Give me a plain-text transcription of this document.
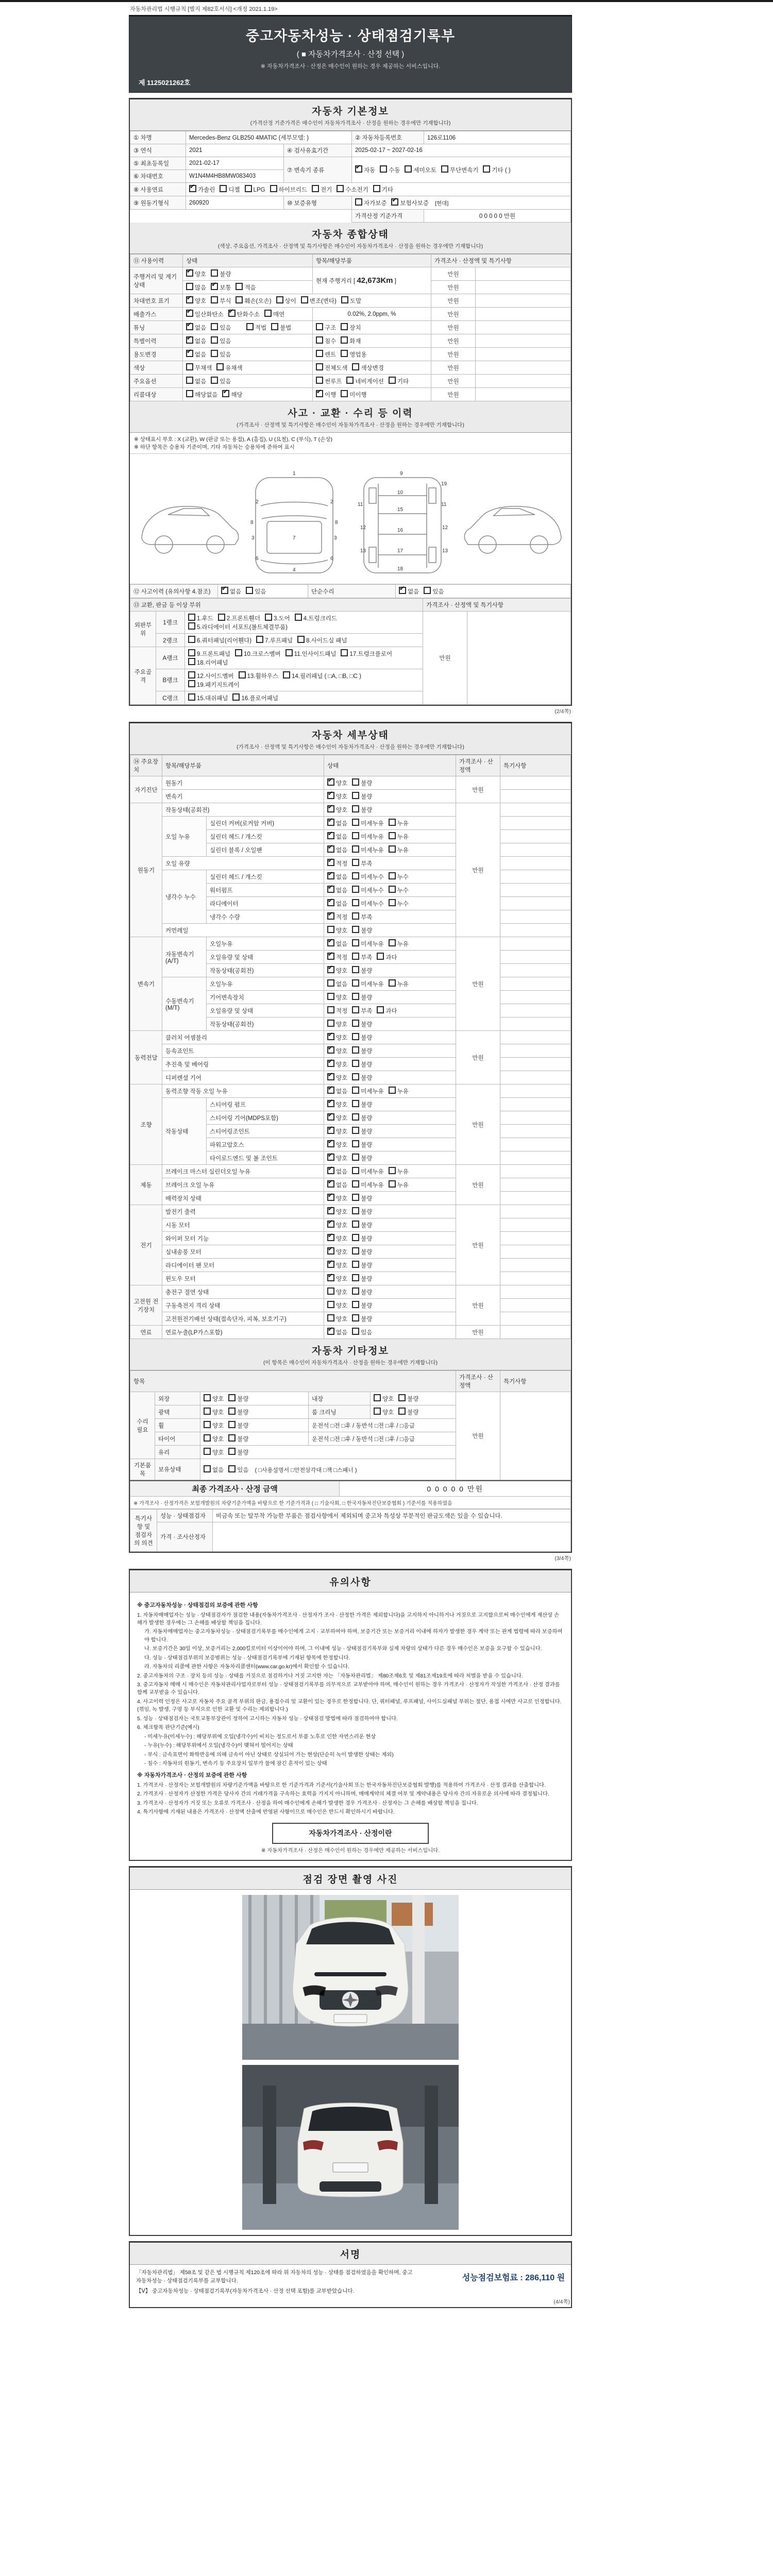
자동차관리법 시행규칙 [별지 제82호서식] <개정 2021.1.19>
중고자동차성능 · 상태점검기록부
( ■ 자동차가격조사 · 산정 선택 )
※ 자동차가격조사 · 산정은 매수인이 원하는 경우 제공하는 서비스입니다.
제 1125021262호
자동차 기본정보
(가격산정 기준가격은 매수인이 자동차가격조사 · 산정을 원하는 경우에만 기재합니다)
① 차명	Mercedes-Benz GLB250 4MATIC (세부모델: )		② 자동차등록번호	126로1106
③ 연식	2021	④ 검사유효기간	2025-02-17 ~ 2027-02-16	
⑤ 최초등록일	2021-02-17	⑦ 변속기 종류	✔자동 수동 세미오토 무단변속기 기타 ( )
⑥ 차대번호	W1N4M4HB8MW083403			
⑧ 사용연료	✔가솔린 디젤 LPG 하이브리드 전기 수소전기 기타
⑨ 원동기형식	260920	⑩ 보증유형	자가보증 ✔ 보험사보증 [현대]
			가격산정 기준가격	0 0 0 0 0 만원
자동차 종합상태
(색상, 주요옵션, 가격조사 · 산정액 및 특기사항은 매수인이 자동차가격조사 · 산정을 원하는 경우에만 기재합니다)
⑪ 사용이력	상태	항목/해당부품	가격조사 · 산정액 및 특기사항	
주행거리 및 계기상태	✔양호 불량	현재 주행거리 [ 42,673Km ]	만원	
	많음 ✔ 보통 적음		만원	
차대번호 표기	✔양호 부식 훼손(오손) 상이 변조(변타) 도말		만원	
배출가스	✔일산화탄소 ✔ 탄화수소 매연	0.02%, 2.0ppm, %	만원	
튜닝	✔없음 있음 적법 불법	구조 장치	만원	
특별이력	✔없음 있음	침수 화재	만원	
용도변경	✔없음 있음	렌트 영업용	만원	
색상	무채색 유채색	전체도색 색상변경	만원	
주요옵션	없음 있음	썬루프 네비게이션 기타	만원	
리콜대상	해당없음 ✔ 해당	✔이행 미이행	만원	
사고 · 교환 · 수리 등 이력
(가격조사 · 산정액 및 특기사항은 매수인이 자동차가격조사 · 산정을 원하는 경우에만 기재합니다)
※ 상태표시 부호 : X (교환), W (판금 또는 용접), A (흠집), U (요철), C (부식), T (손상)
※ 하단 항목은 승용차 기준이며, 기타 자동차는 승용차에 준하여 표시
1
2	2
3	3
4
6	6
7
8	8
9
10
11	11
12	12
13	13
15
16
17
18
19
⑫ 사고이력 (유의사항 4.참조)	✔없음 있음	단순수리	✔없음 있음
⑬ 교환, 판금 등 이상 부위			가격조사 · 산정액 및 특기사항	
외판부위	1랭크	1.후드 2.프론트휀더 3.도어 4.트렁크리드5.라디에이터 서포트(볼트체결부품)	만원	
	2랭크	6.쿼터패널(리어휀다) 7.루프패널 8.사이드실 패널		
주요골격	A랭크	9.프론트패널 10.크로스멤버 11.인사이드패널 17.트렁크플로어18.리어패널		
	B랭크	12.사이드멤버 13.휠하우스 14.필러패널 ( □A, □B, □C )19.패키지트레이		
	C랭크	15.대쉬패널 16.플로어패널		
(2/4쪽)
자동차 세부상태
(가격조사 · 산정액 및 특기사항은 매수인이 자동차가격조사 · 산정을 원하는 경우에만 기재합니다)
⑭ 주요장치	항목/해당부품		상태	가격조사 · 산정액	특기사항
자기진단	원동기	✔양호 불량	만원	
	변속기	✔양호 불량	
원동기	작동상태(공회전)	✔양호 불량	만원	
	오일 누유	실린더 커버(로커암 커버)	✔없음 미세누유 누유	
		실린더 헤드 / 개스킷	✔없음 미세누유 누유	
		실린더 블록 / 오일팬	✔없음 미세누유 누유	
	오일 유량	✔적정 부족	
	냉각수 누수	실린더 헤드 / 개스킷	✔없음 미세누수 누수	
		워터펌프	✔없음 미세누수 누수	
		라디에이터	✔없음 미세누수 누수	
		냉각수 수량	✔적정 부족	
	커먼레일		양호 불량		
변속기	자동변속기 (A/T)	오일누유	✔없음 미세누유 누유	만원	
		오일유량 및 상태	✔적정 부족 과다	
		작동상태(공회전)	✔양호 불량	
	수동변속기 (M/T)	오일누유	없음 미세누유 누유		
		기어변속장치	양호 불량		
		오일유량 및 상태	적정 부족 과다		
		작동상태(공회전)	양호 불량		
동력전달	클러치 어셈블리	✔양호 불량	만원	
	등속죠인트	✔양호 불량	
	추진축 및 베어링	✔양호 불량	
	디퍼렌셜 기어	✔양호 불량	
조향	동력조향 작동 오일 누유	✔없음 미세누유 누유	만원	
	작동상태	스티어링 펌프	✔양호 불량	
		스티어링 기어(MDPS포함)	✔양호 불량	
		스티어링조인트	✔양호 불량	
		파워고압호스	✔양호 불량	
		타이로드엔드 및 볼 조인트	✔양호 불량	
제동	브레이크 마스터 실린더오일 누유	✔없음 미세누유 누유	만원	
	브레이크 오일 누유	✔없음 미세누유 누유	
	배력장치 상태	✔양호 불량	
전기	발전기 출력	✔양호 불량	만원	
	시동 모터	✔양호 불량	
	와이퍼 모터 기능	✔양호 불량	
	실내송풍 모터	✔양호 불량	
	라디에이터 팬 모터	✔양호 불량	
	윈도우 모터	✔양호 불량	
고전원 전기장치	충전구 절연 상태		양호 불량	만원	
	구동축전지 격리 상태		양호 불량		
	고전원전기배선 상태(접속단자, 피복, 보호기구)		양호 불량		
연료	연료누출(LP가스포함)	✔없음 있음	만원	
자동차 기타정보
(이 항목은 매수인이 자동차가격조사 · 산정을 원하는 경우에만 기재합니다)
항목					가격조사 · 산정액	특기사항
수리 필요	외장	양호 불량	내장	양호 불량	만원	
	광택	양호 불량	룸 크리닝	양호 불량		
	휠	양호 불량	운전석 □전 □후 / 동반석 □전 □후 / □응급			
	타이어	양호 불량	운전석 □전 □후 / 동반석 □전 □후 / □응급			
	유리	양호 불량				
기본품목	보유상태	없음 있음 ( □사용설명서 □안전삼각대 □잭 □스패너 )				
최종 가격조사 · 산정 금액	0 0 0 0 0 만원
※ 가격조사 · 산정가격은 보험개발원의 차량기준가액을 바탕으로 한 기준가격과 ( □ 기술사회, □ 한국자동차진단보증협회 ) 기준서를 적용하였음
특기사항 및 점검자의 의견	성능 · 상태점검자	비금속 또는 탈부착 가능한 부품은 점검사항에서 제외되며 중고차 특성상 부분적인 판금도색은 있을 수 있습니다.
	가격 · 조사산정자	
(3/4쪽)
유의사항
※ 중고자동차성능 · 상태점검의 보증에 관한 사항

1. 자동차매매업자는 성능 · 상태점검자가 점검한 내용(자동차가격조사 · 산정자가 조사 · 산정한 가격은 제외합니다)을 고지하지 아니하거나 거짓으로 고지함으로써 매수인에게 재산상 손해가 발생한 경우에는 그 손해를 배상할 책임을 집니다.

가. 자동차매매업자는 중고자동차성능 · 상태점검기록부를 매수인에게 고지 · 교부하여야 하며, 보증기간 또는 보증거리 이내에 하자가 발생한 경우 계약 또는 관계 법령에 따라 보증하여야 합니다.

나. 보증기간은 30일 이상, 보증거리는 2,000킬로미터 이상이어야 하며, 그 이내에 성능 · 상태점검기록부와 실제 차량의 상태가 다른 경우 매수인은 보증을 요구할 수 있습니다.

다. 성능 · 상태점검부위의 보증범위는 성능 · 상태점검기록부에 기재된 항목에 한정합니다.

라. 자동차의 리콜에 관한 사항은 자동차리콜센터(www.car.go.kr)에서 확인할 수 있습니다.

2. 중고자동차의 구조 · 장치 등의 성능 · 상태를 거짓으로 점검하거나 거짓 고지한 자는 「자동차관리법」 제80조제6호 및 제81조제19호에 따라 처벌을 받을 수 있습니다.

3. 중고자동차 매매 시 매수인은 자동차관리사업자로부터 성능 · 상태점검기록부를 의무적으로 교부받아야 하며, 매수인이 원하는 경우 가격조사 · 산정자가 작성한 가격조사 · 산정 결과를 함께 교부받을 수 있습니다.

4. 사고이력 인정은 사고로 자동차 주요 골격 부위의 판금, 용접수리 및 교환이 있는 경우로 한정합니다. 단, 쿼터패널, 루프패널, 사이드실패널 부위는 절단, 용접 시에만 사고로 인정합니다. (꺾임, 녹 발생, 구멍 등 부식으로 인한 교환 및 수리는 제외합니다.)

5. 성능 · 상태점검자는 국토교통부장관이 정하여 고시하는 자동차 성능 · 상태점검 방법에 따라 점검하여야 합니다.

6. 체크항목 판단기준(예시)

- 미세누유(미세누수) : 해당부위에 오일(냉각수)이 비치는 정도로서 부품 노후로 인한 자연스러운 현상

- 누유(누수) : 해당부위에서 오일(냉각수)이 맺혀서 떨어지는 상태

- 부식 : 금속표면이 화학반응에 의해 금속이 아닌 상태로 상실되어 가는 현상(단순히 녹이 발생한 상태는 제외)

- 침수 : 자동차의 원동기, 변속기 등 주요장치 일부가 물에 잠긴 흔적이 있는 상태

※ 자동차가격조사 · 산정의 보증에 관한 사항

1. 가격조사 · 산정자는 보험개발원의 차량기준가액을 바탕으로 한 기준가격과 기준서(기술사회 또는 한국자동차진단보증협회 발행)를 적용하여 가격조사 · 산정 결과를 산출합니다.

2. 가격조사 · 산정자가 산정한 가격은 당사자 간의 거래가격을 구속하는 효력을 가지지 아니하며, 매매계약의 체결 여부 및 계약내용은 당사자 간의 자유로운 의사에 따라 결정됩니다.

3. 가격조사 · 산정자가 거짓 또는 오류로 가격조사 · 산정을 하여 매수인에게 손해가 발생한 경우 가격조사 · 산정자는 그 손해를 배상할 책임을 집니다.

4. 특기사항에 기재된 내용은 가격조사 · 산정액 산출에 반영된 사항이므로 매수인은 반드시 확인하시기 바랍니다.

자동차가격조사 · 산정이란
※ 자동차가격조사 · 산정은 매수인이 원하는 경우에만 제공하는 서비스입니다.
점검 장면 촬영 사진
서명
「자동차관리법」 제58조 및 같은 법 시행규칙 제120조에 따라 위 자동차의 성능 · 상태를 점검하였음을 확인하며, 중고자동차성능 · 상태점검기록부를 교부합니다.	성능점검보험료 : 286,110 원
【Ⅴ】 중고자동차성능 · 상태점검기록부(자동차가격조사 · 산정 선택 포함)를 교부받았습니다.
(4/4쪽)
